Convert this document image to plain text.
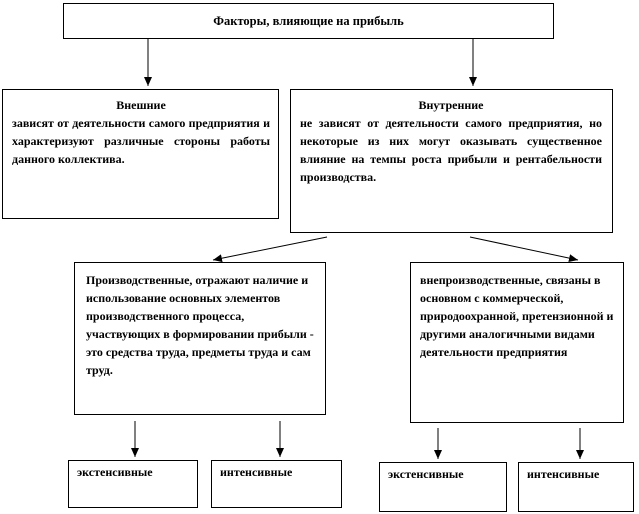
Факторы, влияющие на прибыль
Внешние
зависят от деятельности самого предприятия и характеризуют различные стороны работы данного коллектива.
Внутренние
не зависят от деятельности самого предприятия, но некоторые из них могут оказывать существенное влияние на темпы роста прибыли и рентабельности производства.
Производственные, отражают наличие и использование основных элементов производственного процесса, участвующих в формировании прибыли - это средства труда, предметы труда и сам труд.
внепроизводственные, связаны в основном с коммерческой, природоохранной, претензионной и другими аналогичными видами деятельности предприятия
экстенсивные	интенсивные	экстенсивные	интенсивные
